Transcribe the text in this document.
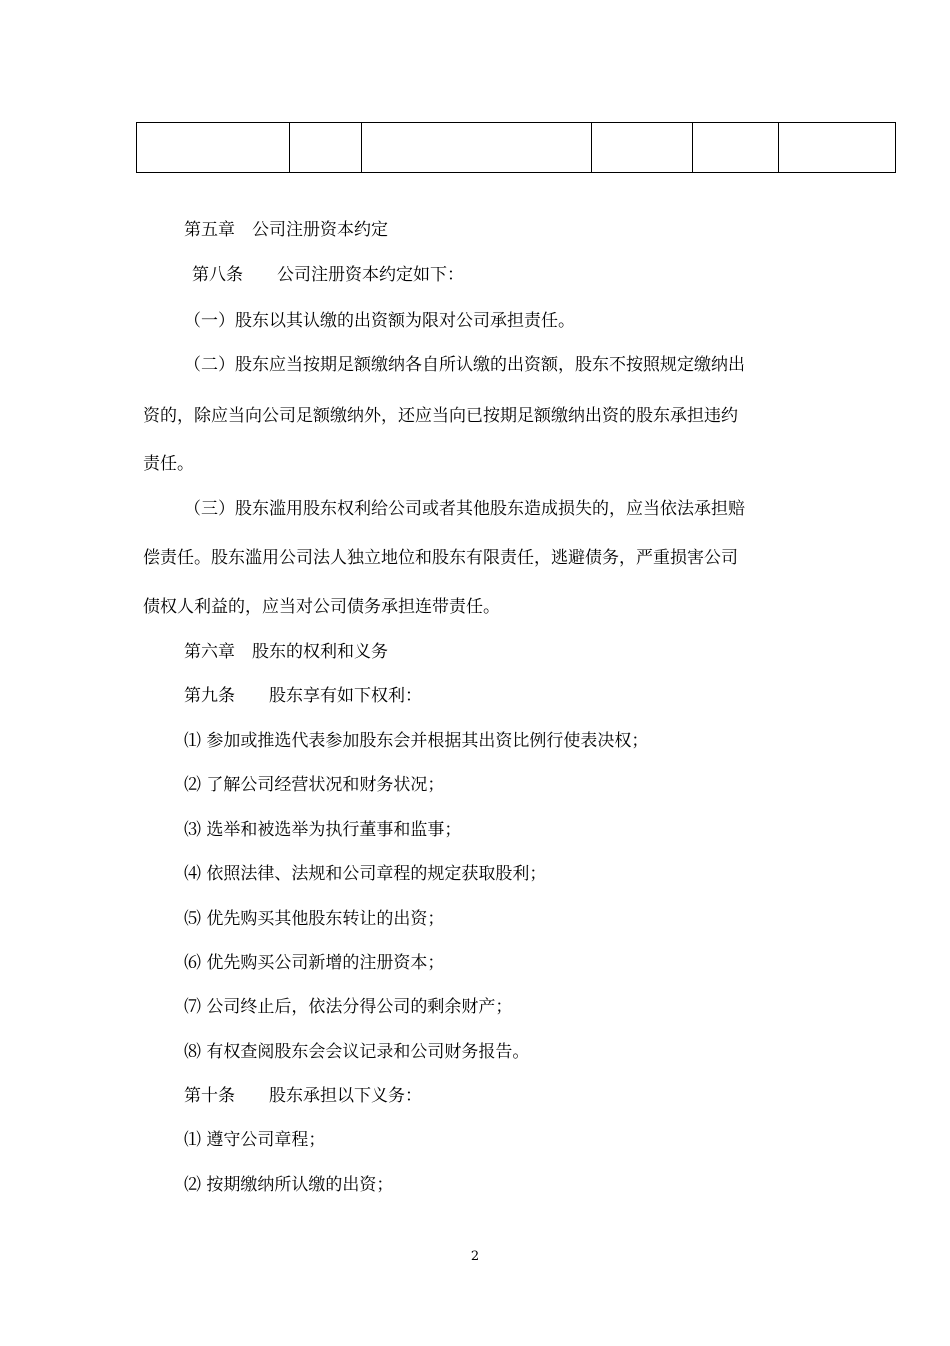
第五章　公司注册资本约定

第八条　　公司注册资本约定如下：

（一）股东以其认缴的出资额为限对公司承担责任。

（二）股东应当按期足额缴纳各自所认缴的出资额，股东不按照规定缴纳出

资的，除应当向公司足额缴纳外，还应当向已按期足额缴纳出资的股东承担违约

责任。

（三）股东滥用股东权利给公司或者其他股东造成损失的，应当依法承担赔

偿责任。股东滥用公司法人独立地位和股东有限责任，逃避债务，严重损害公司

债权人利益的，应当对公司债务承担连带责任。

第六章　股东的权利和义务

第九条　　股东享有如下权利：

⑴ 参加或推选代表参加股东会并根据其出资比例行使表决权；

⑵ 了解公司经营状况和财务状况；

⑶ 选举和被选举为执行董事和监事；

⑷ 依照法律、法规和公司章程的规定获取股利；

⑸ 优先购买其他股东转让的出资；

⑹ 优先购买公司新增的注册资本；

⑺ 公司终止后，依法分得公司的剩余财产；

⑻ 有权查阅股东会会议记录和公司财务报告。

第十条　　股东承担以下义务：

⑴ 遵守公司章程；

⑵ 按期缴纳所认缴的出资；

2
